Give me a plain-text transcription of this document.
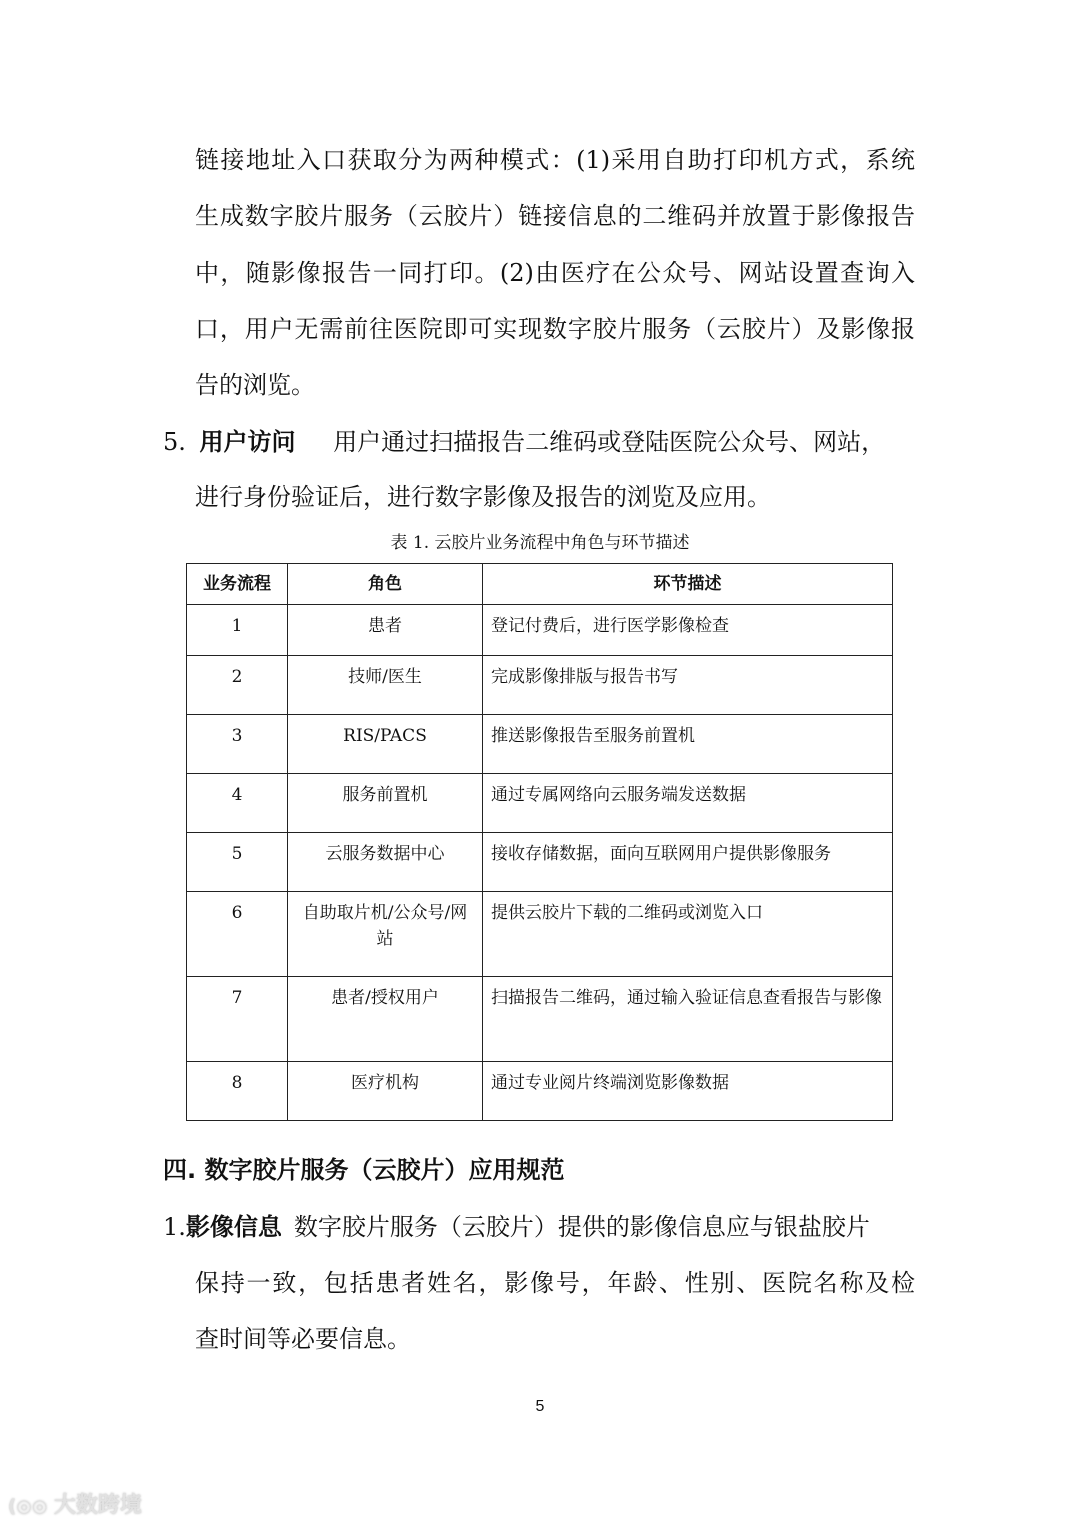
链接地址入口获取分为两种模式：(1)采用自助打印机方式，系统
生成数字胶片服务（云胶片）链接信息的二维码并放置于影像报告
中，随影像报告一同打印。(2)由医疗在公众号、网站设置查询入
口，用户无需前往医院即可实现数字胶片服务（云胶片）及影像报
告的浏览。
5. 用户访问 用户通过扫描报告二维码或登陆医院公众号、网站，
进行身份验证后，进行数字影像及报告的浏览及应用。
表 1. 云胶片业务流程中角色与环节描述
业务流程	角色	环节描述
1	患者	登记付费后，进行医学影像检查
2	技师/医生	完成影像排版与报告书写
3	RIS/PACS	推送影像报告至服务前置机
4	服务前置机	通过专属网络向云服务端发送数据
5	云服务数据中心	接收存储数据，面向互联网用户提供影像服务
6	自助取片机/公众号/网站	提供云胶片下载的二维码或浏览入口
7	患者/授权用户	扫描报告二维码，通过输入验证信息查看报告与影像
8	医疗机构	通过专业阅片终端浏览影像数据
四. 数字胶片服务（云胶片）应用规范
1.影像信息 数字胶片服务（云胶片）提供的影像信息应与银盐胶片
保持一致，包括患者姓名，影像号，年龄、性别、医院名称及检
查时间等必要信息。
5
(◎◎ 大数跨境
